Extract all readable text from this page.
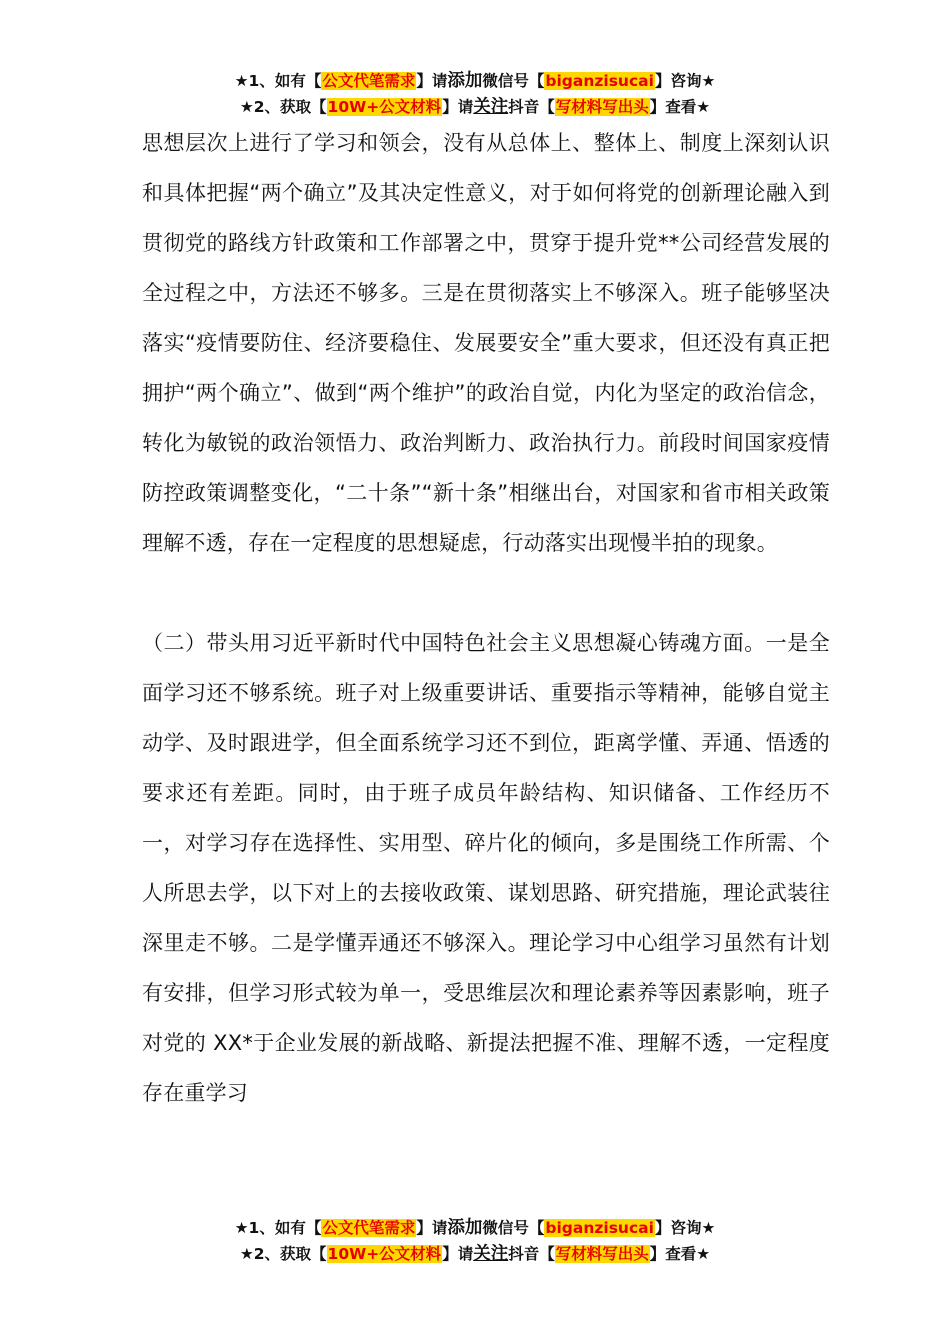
★1、如有【公文代笔需求】请添加微信号【biganzisucai】咨询★
★2、获取【10W+公文材料】请关注抖音【写材料写出头】查看★

思想层次上进行了学习和领会，没有从总体上、整体上、制度上深刻认识和具体把握“两个确立”及其决定性意义，对于如何将党的创新理论融入到贯彻党的路线方针政策和工作部署之中，贯穿于提升党**公司经营发展的全过程之中，方法还不够多。三是在贯彻落实上不够深入。班子能够坚决落实“疫情要防住、经济要稳住、发展要安全”重大要求，但还没有真正把拥护“两个确立”、做到“两个维护”的政治自觉，内化为坚定的政治信念，转化为敏锐的政治领悟力、政治判断力、政治执行力。前段时间国家疫情防控政策调整变化，“二十条”“新十条”相继出台，对国家和省市相关政策理解不透，存在一定程度的思想疑虑，行动落实出现慢半拍的现象。

（二）带头用习近平新时代中国特色社会主义思想凝心铸魂方面。一是全面学习还不够系统。班子对上级重要讲话、重要指示等精神，能够自觉主动学、及时跟进学，但全面系统学习还不到位，距离学懂、弄通、悟透的要求还有差距。同时，由于班子成员年龄结构、知识储备、工作经历不一，对学习存在选择性、实用型、碎片化的倾向，多是围绕工作所需、个人所思去学，以下对上的去接收政策、谋划思路、研究措施，理论武装往深里走不够。二是学懂弄通还不够深入。理论学习中心组学习虽然有计划有安排，但学习形式较为单一，受思维层次和理论素养等因素影响，班子对党的 XX*于企业发展的新战略、新提法把握不准、理解不透，一定程度存在重学习

★1、如有【公文代笔需求】请添加微信号【biganzisucai】咨询★
★2、获取【10W+公文材料】请关注抖音【写材料写出头】查看★
